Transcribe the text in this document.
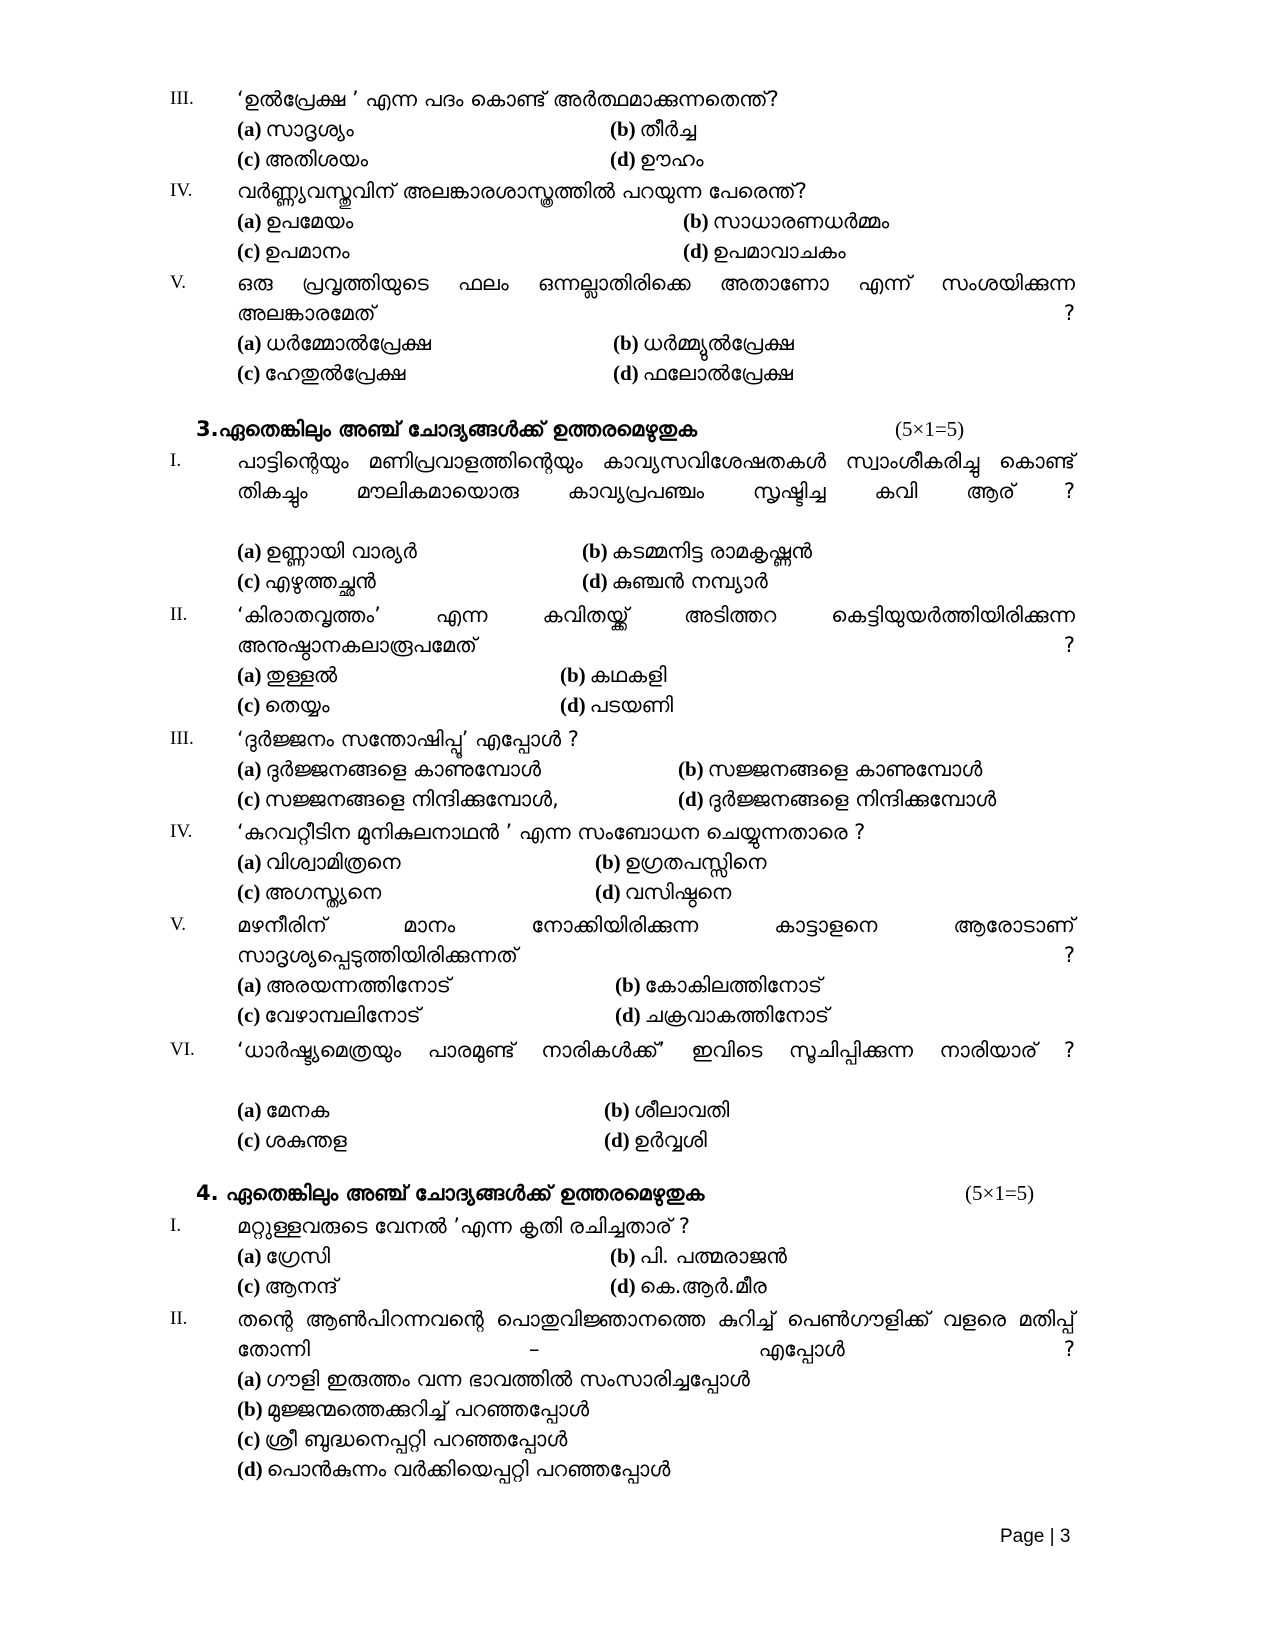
III.	‘ഉൽപ്രേക്ഷ ’ എന്ന പദം കൊണ്ട് അർത്ഥമാക്കുന്നതെന്ത്?
(a) സാദൃശ്യം	(b) തീർച്ച
(c) അതിശയം	(d) ഊഹം
IV.	വർണ്ണ്യവസ്തുവിന് അലങ്കാരശാസ്ത്രത്തിൽ പറയുന്ന പേരെന്ത്?
(a) ഉപമേയം	(b) സാധാരണധർമ്മം
(c) ഉപമാനം	(d) ഉപമാവാചകം
V.	ഒരു പ്രവൃത്തിയുടെ ഫലം ഒന്നല്ലാതിരിക്കെ അതാണോ എന്ന് സംശയിക്കുന്ന അലങ്കാരമേത് ?
(a) ധർമ്മോൽപ്രേക്ഷ	(b) ധർമ്മ്യുൽപ്രേക്ഷ
(c) ഹേതുൽപ്രേക്ഷ	(d) ഫലോൽപ്രേക്ഷ
3.ഏതെങ്കിലും അഞ്ച് ചോദ്യങ്ങൾക്ക് ഉത്തരമെഴുതുക	(5×1=5)
I.	പാട്ടിന്റെയും മണിപ്രവാളത്തിന്റെയും കാവ്യസവിശേഷതകൾ സ്വാംശീകരിച്ചു കൊണ്ട് തികച്ചും മൗലികമായൊരു കാവ്യപ്രപഞ്ചം സൃഷ്ടിച്ച കവി ആര് ?
(a) ഉണ്ണായി വാര്യർ	(b) കടമ്മനിട്ട രാമകൃഷ്ണൻ
(c) എഴുത്തച്ഛൻ	(d) കുഞ്ചൻ നമ്പ്യാർ
II.	‘കിരാതവൃത്തം’ എന്ന കവിതയ്ക്ക് അടിത്തറ കെട്ടിയുയർത്തിയിരിക്കുന്ന അനുഷ്ഠാനകലാരൂപമേത് ?
(a) തുള്ളൽ	(b) കഥകളി
(c) തെയ്യം	(d) പടയണി
III.	‘ദുർജ്ജനം സന്തോഷിപ്പൂ’ എപ്പോൾ ?
(a) ദുർജ്ജനങ്ങളെ കാണുമ്പോൾ	(b) സജ്ജനങ്ങളെ കാണുമ്പോൾ
(c) സജ്ജനങ്ങളെ നിന്ദിക്കുമ്പോൾ,	(d) ദുർജ്ജനങ്ങളെ നിന്ദിക്കുമ്പോൾ
IV.	‘കുറവറ്റീടിന മുനികുലനാഥൻ ’ എന്ന സംബോധന ചെയ്യുന്നതാരെ ?
(a) വിശ്വാമിത്രനെ	(b) ഉഗ്രതപസ്സിനെ
(c) അഗസ്ത്യനെ	(d) വസിഷ്ഠനെ
V.	മഴനീരിന് മാനം നോക്കിയിരിക്കുന്ന കാട്ടാളനെ ആരോടാണ് സാദൃശ്യപ്പെടുത്തിയിരിക്കുന്നത് ?
(a) അരയന്നത്തിനോട്	(b) കോകിലത്തിനോട്
(c) വേഴാമ്പലിനോട്	(d) ചക്രവാകത്തിനോട്
VI.	‘ധാർഷ്ട്യമെത്രയും പാരമുണ്ട് നാരികൾക്ക്’ ഇവിടെ സൂചിപ്പിക്കുന്ന നാരിയാര് ?
(a) മേനക	(b) ശീലാവതി
(c) ശകുന്തള	(d) ഉർവ്വശി
4. ഏതെങ്കിലും അഞ്ച് ചോദ്യങ്ങൾക്ക് ഉത്തരമെഴുതുക	(5×1=5)
I.	മറ്റുള്ളവരുടെ വേനൽ ’എന്ന കൃതി രചിച്ചതാര് ?
(a) ഗ്രേസി	(b) പി. പത്മരാജൻ
(c) ആനന്ദ്	(d) കെ.ആർ.മീര
II.	തന്റെ ആൺപിറന്നവന്റെ പൊതുവിജ്ഞാനത്തെ കുറിച്ച് പെൺഗൗളിക്ക് വളരെ മതിപ്പ് തോന്നി – എപ്പോൾ ?
(a) ഗൗളി ഇരുത്തം വന്ന ഭാവത്തിൽ സംസാരിച്ചപ്പോൾ
(b) മുജ്ജന്മത്തെക്കുറിച്ച് പറഞ്ഞപ്പോൾ
(c) ശ്രീ ബുദ്ധനെപ്പറ്റി പറഞ്ഞപ്പോൾ
(d) പൊൻകുന്നം വർക്കിയെപ്പറ്റി പറഞ്ഞപ്പോൾ
Page | 3
